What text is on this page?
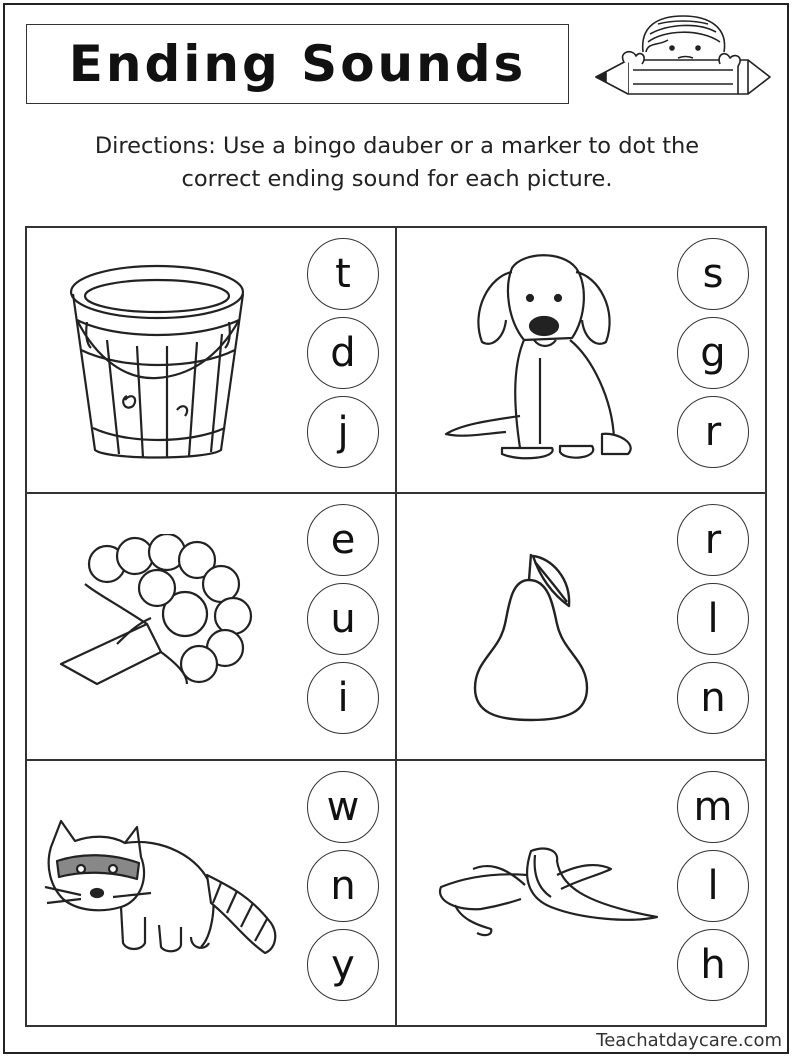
Ending Sounds
Directions: Use a bingo dauber or a marker to dot the
correct ending sound for each picture.
t
d
j
s
g
r
e
u
i
r
l
n
w
n
y
m
l
h
Teachatdaycare.com
